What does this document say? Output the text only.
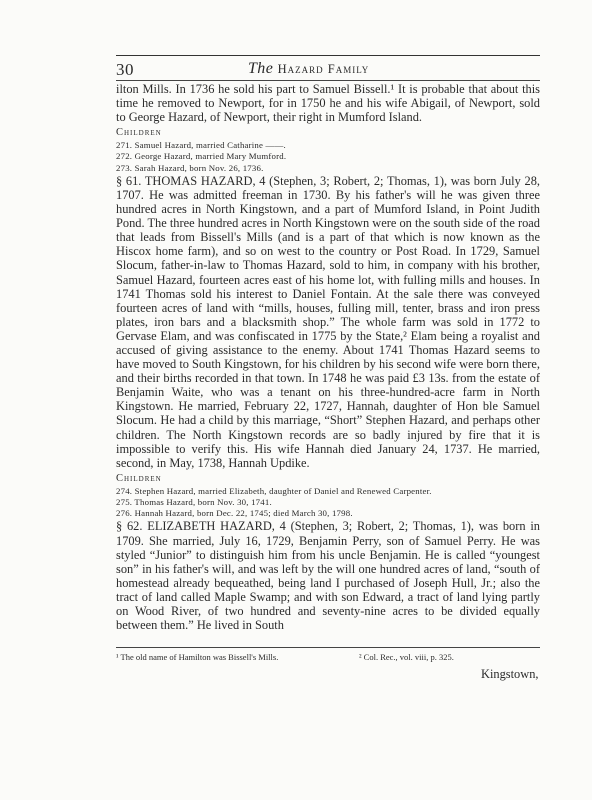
30	The Hazard Family

ilton Mills. In 1736 he sold his part to Samuel Bissell.¹ It is probable that about this time he removed to Newport, for in 1750 he and his wife Abigail, of Newport, sold to George Hazard, of Newport, their right in Mumford Island.

Children

271. Samuel Hazard, married Catharine ——.

272. George Hazard, married Mary Mumford.

273. Sarah Hazard, born Nov. 26, 1736.

§ 61. THOMAS HAZARD, 4 (Stephen, 3; Robert, 2; Thomas, 1), was born July 28, 1707. He was admitted freeman in 1730. By his father's will he was given three hundred acres in North Kingstown, and a part of Mumford Island, in Point Judith Pond. The three hundred acres in North Kingstown were on the south side of the road that leads from Bissell's Mills (and is a part of that which is now known as the Hiscox home farm), and so on west to the country or Post Road. In 1729, Samuel Slocum, father-in-law to Thomas Hazard, sold to him, in company with his brother, Samuel Hazard, fourteen acres east of his home lot, with fulling mills and houses. In 1741 Thomas sold his interest to Daniel Fontain. At the sale there was conveyed fourteen acres of land with “mills, houses, fulling mill, tenter, brass and iron press plates, iron bars and a blacksmith shop.” The whole farm was sold in 1772 to Gervase Elam, and was confiscated in 1775 by the State,² Elam being a royalist and accused of giving assistance to the enemy. About 1741 Thomas Hazard seems to have moved to South Kingstown, for his children by his second wife were born there, and their births recorded in that town. In 1748 he was paid £3 13s. from the estate of Benjamin Waite, who was a tenant on his three-hundred-acre farm in North Kingstown. He married, February 22, 1727, Hannah, daughter of Hon ble Samuel Slocum. He had a child by this marriage, “Short” Stephen Hazard, and perhaps other children. The North Kingstown records are so badly injured by fire that it is impossible to verify this. His wife Hannah died January 24, 1737. He married, second, in May, 1738, Hannah Updike.

Children

274. Stephen Hazard, married Elizabeth, daughter of Daniel and Renewed Carpenter.

275. Thomas Hazard, born Nov. 30, 1741.

276. Hannah Hazard, born Dec. 22, 1745; died March 30, 1798.

§ 62. ELIZABETH HAZARD, 4 (Stephen, 3; Robert, 2; Thomas, 1), was born in 1709. She married, July 16, 1729, Benjamin Perry, son of Samuel Perry. He was styled “Junior” to distinguish him from his uncle Benjamin. He is called “youngest son” in his father's will, and was left by the will one hundred acres of land, “south of homestead already bequeathed, being land I purchased of Joseph Hull, Jr.; also the tract of land called Maple Swamp; and with son Edward, a tract of land lying partly on Wood River, of two hundred and seventy-nine acres to be divided equally between them.” He lived in South

¹ The old name of Hamilton was Bissell's Mills.	² Col. Rec., vol. viii, p. 325.
Kingstown,
